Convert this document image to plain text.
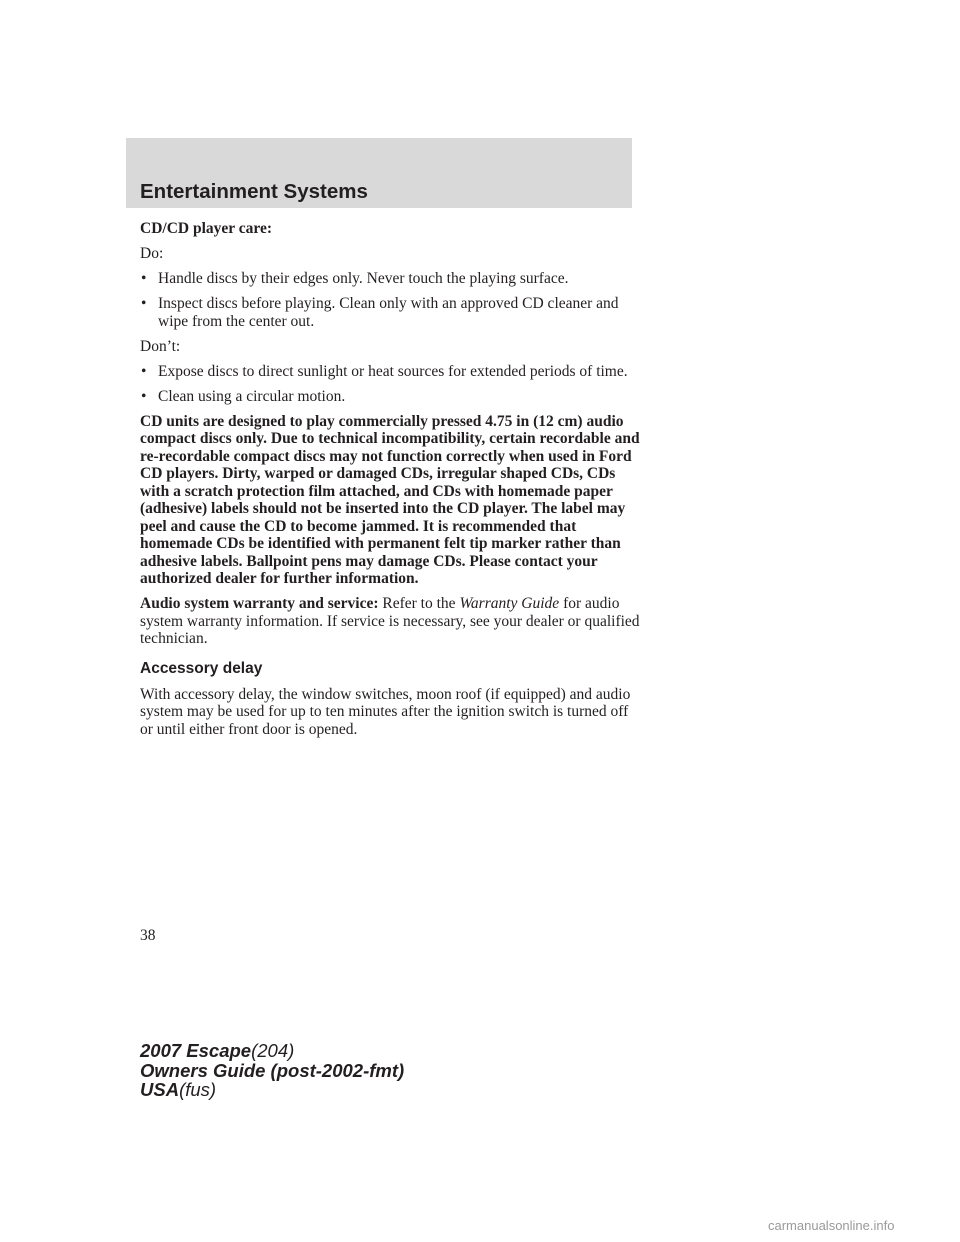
Entertainment Systems

CD/CD player care:

Do:

• Handle discs by their edges only. Never touch the playing surface.
• Inspect discs before playing. Clean only with an approved CD cleaner and wipe from the center out.

Don’t:

• Expose discs to direct sunlight or heat sources for extended periods of time.
• Clean using a circular motion.

CD units are designed to play commercially pressed 4.75 in (12 cm) audio compact discs only. Due to technical incompatibility, certain recordable and re-recordable compact discs may not function correctly when used in Ford CD players. Dirty, warped or damaged CDs, irregular shaped CDs, CDs with a scratch protection film attached, and CDs with homemade paper (adhesive) labels should not be inserted into the CD player. The label may peel and cause the CD to become jammed. It is recommended that homemade CDs be identified with permanent felt tip marker rather than adhesive labels. Ballpoint pens may damage CDs. Please contact your authorized dealer for further information.

Audio system warranty and service: Refer to the Warranty Guide for audio system warranty information. If service is necessary, see your dealer or qualified technician.

Accessory delay

With accessory delay, the window switches, moon roof (if equipped) and audio system may be used for up to ten minutes after the ignition switch is turned off or until either front door is opened.

38
2007 Escape(204)
Owners Guide (post-2002-fmt)
USA(fus)
carmanualsonline.info
